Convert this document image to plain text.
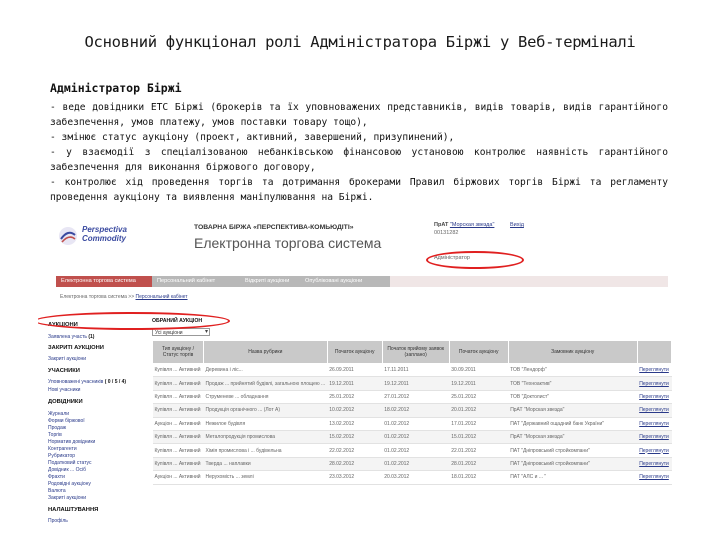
Основний функціонал ролі Адміністратора Біржі у Веб-терміналі
Адміністратор Біржі

- веде довідники ЕТС Біржі (брокерів та їх уповноважених представників, видів товарів, видів гарантійного забезпечення, умов платежу, умов поставки товару тощо),

- змінює статус аукціону (проект, активний, завершений, призупинений),

- у взаємодії з спеціалізованою небанківською фінансовою установою контролює наявність гарантійного забезпечення для виконання біржового договору,

- контролює хід проведення торгів та дотримання брокерами Правил біржових торгів Біржі та регламенту проведення аукціону та виявлення маніпулювання на Біржі.

Perspectiva
Commodity
ТОВАРНА БІРЖА «ПЕРСПЕКТИВА-КОМЬЮДІТІ»
Електронна торгова система
ПрАТ "Морская звезда"
00131282
Адміністратор
Вихід
Електронна торгова система	Персональний кабінет	Відкриті аукціони	Опубліковані аукціони
Електронна торгова система >> Персональний кабінет
АУКЦІОНИ
Заявлена участь (1)
ЗАКРИТІ АУКЦІОНИ
Закриті аукціони
УЧАСНИКИ
Уповноважені учасників ( 0 / 5 / 4)
Нові учасники
ДОВІДНИКИ
Журнали
Форми біржової
Продаж
Торгів
Норматив довідники
Контрагенти
Рубрикатор
Податковий статус
Довідник ... Осіб
Фрахти
Родовідні аукціону
Валюта
Закриті аукціони
НАЛАШТУВАННЯ
Профіль
ОБРАНИЙ АУКЦІОН
Усі аукціони ▾
Тип аукціону / Статус торгів	Назва рубрики	Початок аукціону	Початок прийому заявок (заплано)	Початок аукціону	Замовник аукціону	
Купівля ... Активний	Деревина і ліс...	26.09.2011	17.11.2011	30.09.2011	ТОВ "Лендорф"	Переглянути
Купівля ... Активний	Продаж ... прийнятий будівлі, загальною площею ...	19.12.2011	19.12.2011	19.12.2011	ТОВ "Техноактив"	Переглянути
Купівля ... Активний	Струменеве ... обладнання	25.01.2012	27.01.2012	25.01.2012	ТОВ "Доктолист"	Переглянути
Купівля ... Активний	Продукція органічного ... (Лот А)	10.02.2012	18.02.2012	20.01.2012	ПрАТ "Морская звезда"	Переглянути
Аукціон ... Активний	Нежилое будівля	13.02.2012	01.02.2012	17.01.2012	ПАТ "Державний ощадний банк України"	Переглянути
Купівля ... Активний	Металопродукція промислова	15.02.2012	01.02.2012	15.01.2012	ПрАТ "Морская звезда"	Переглянути
Купівля ... Активний	Хімія промислова і ... будівельна	22.02.2012	01.02.2012	22.01.2012	ПАТ "Дніпровський стройкомпани"	Переглянути
Купівля ... Активний	Тверда ... наплавки	28.02.2012	01.02.2012	28.01.2012	ПАТ "Дніпровський стройкомпани"	Переглянути
Аукціон ... Активний	Нерухомість ... землі	23.03.2012	20.03.2012	18.01.2012	ПАТ "АЛС и ... "	Переглянути
